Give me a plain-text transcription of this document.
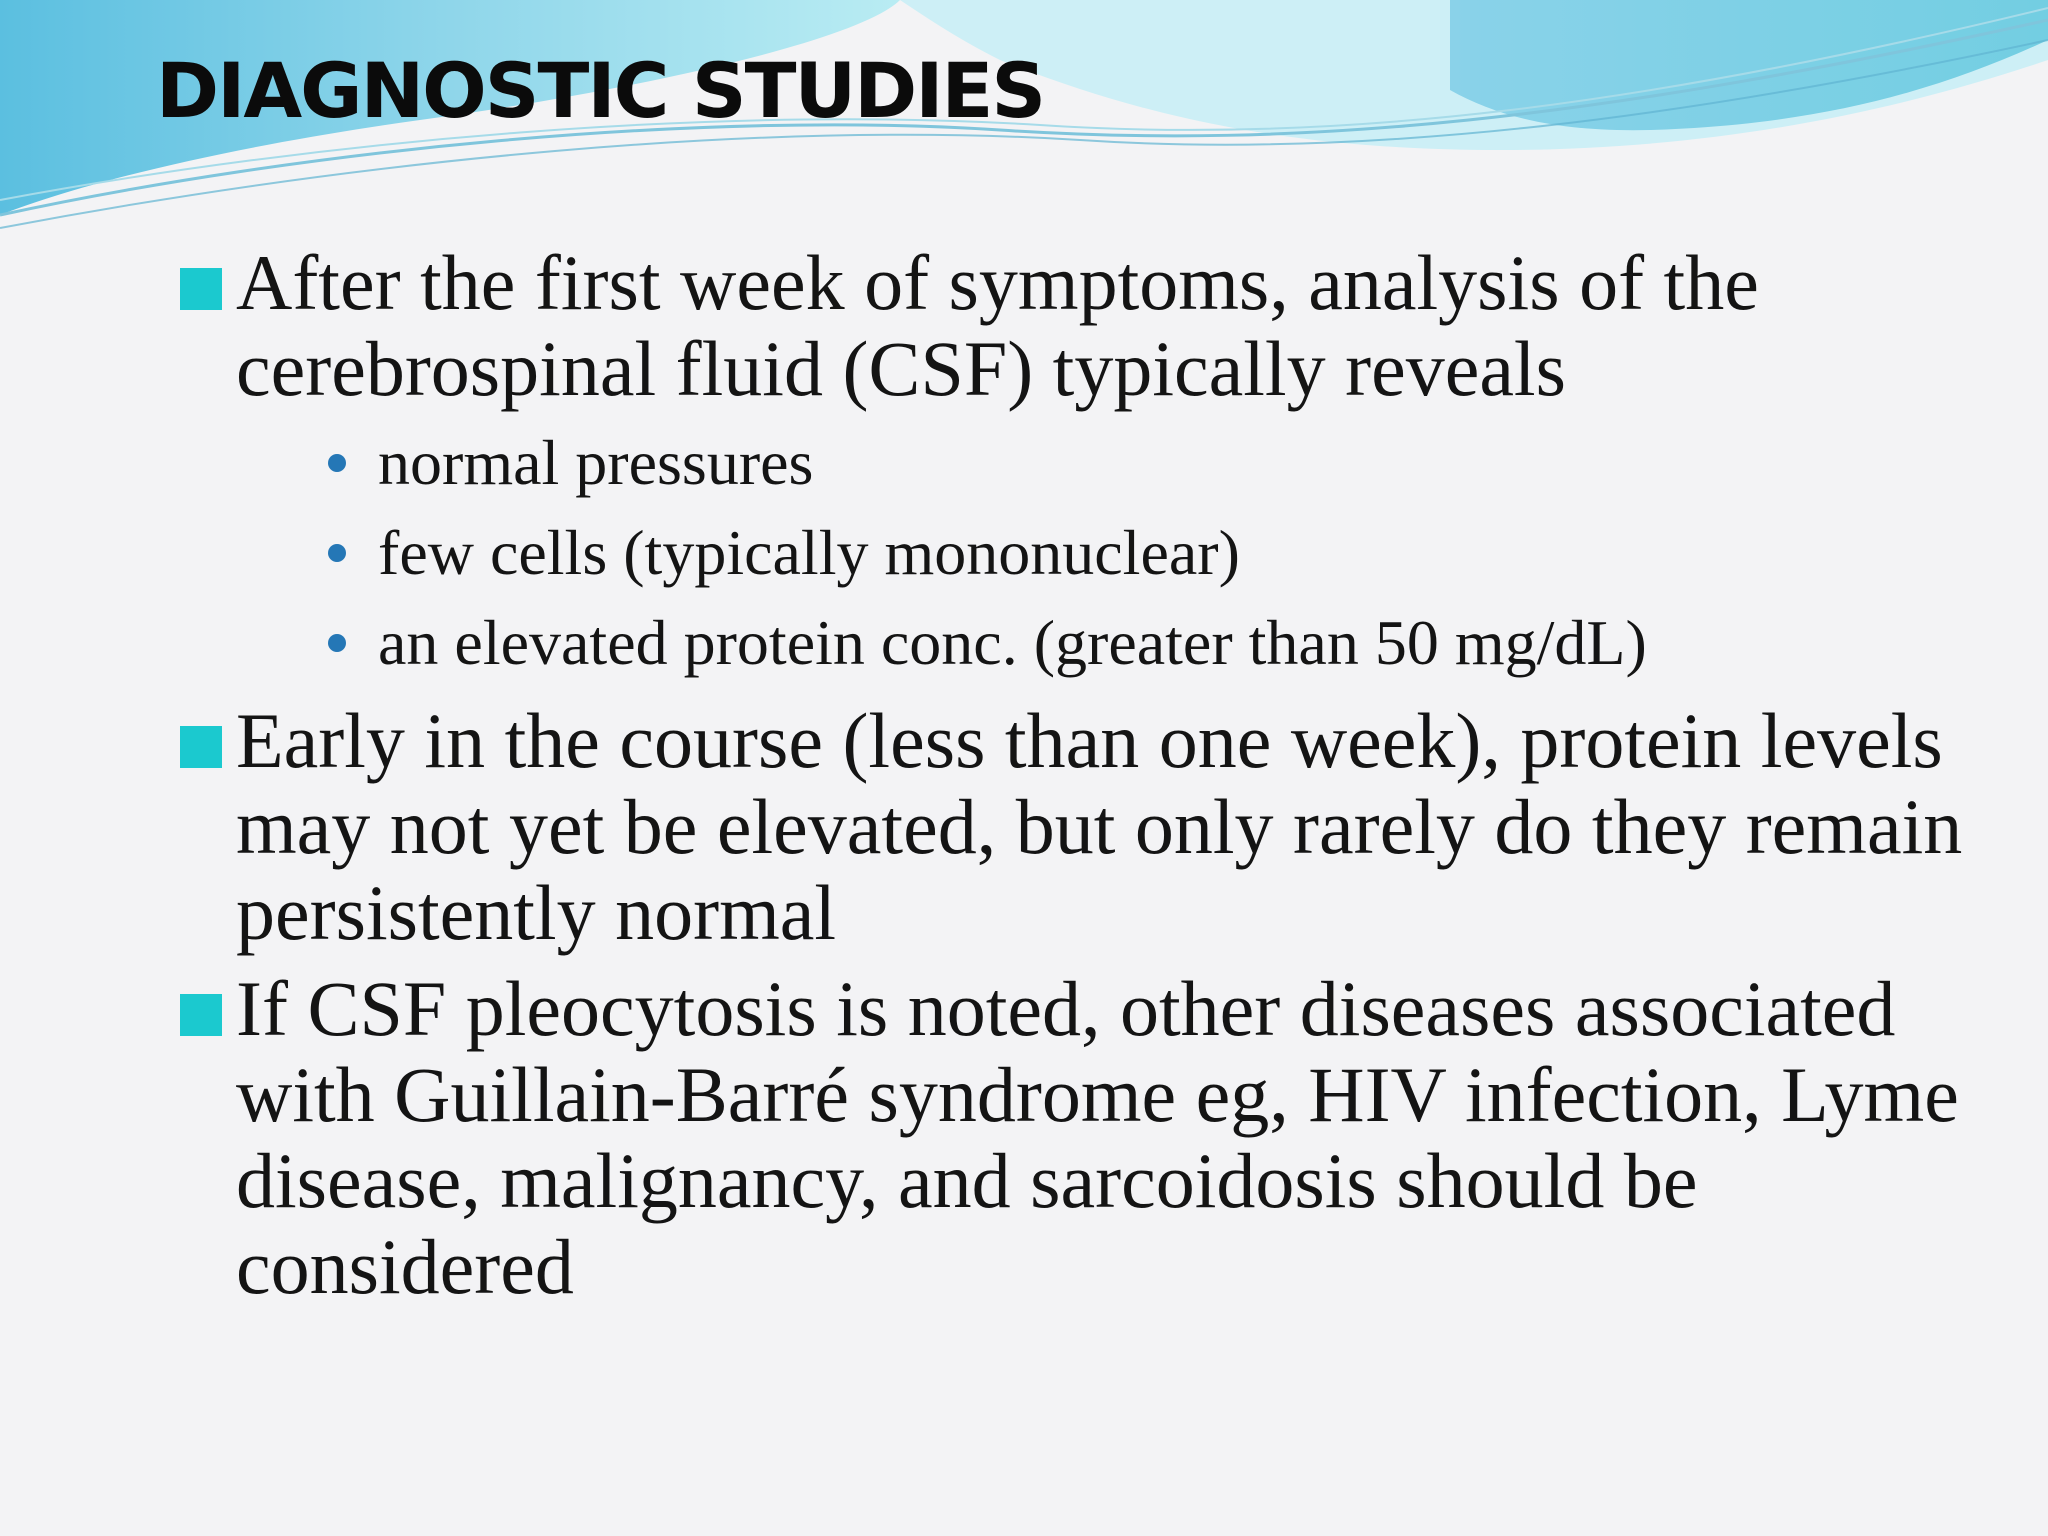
DIAGNOSTIC STUDIES
After the first week of symptoms, analysis of the cerebrospinal fluid (CSF) typically reveals
normal pressures
few cells (typically mononuclear)
an elevated protein conc. (greater than 50 mg/dL)
Early in the course (less than one week), protein levels may not yet be elevated, but only rarely do they remain persistently normal
If CSF pleocytosis is noted, other diseases associated with Guillain-Barré syndrome eg, HIV infection, Lyme disease, malignancy, and sarcoidosis should be considered
